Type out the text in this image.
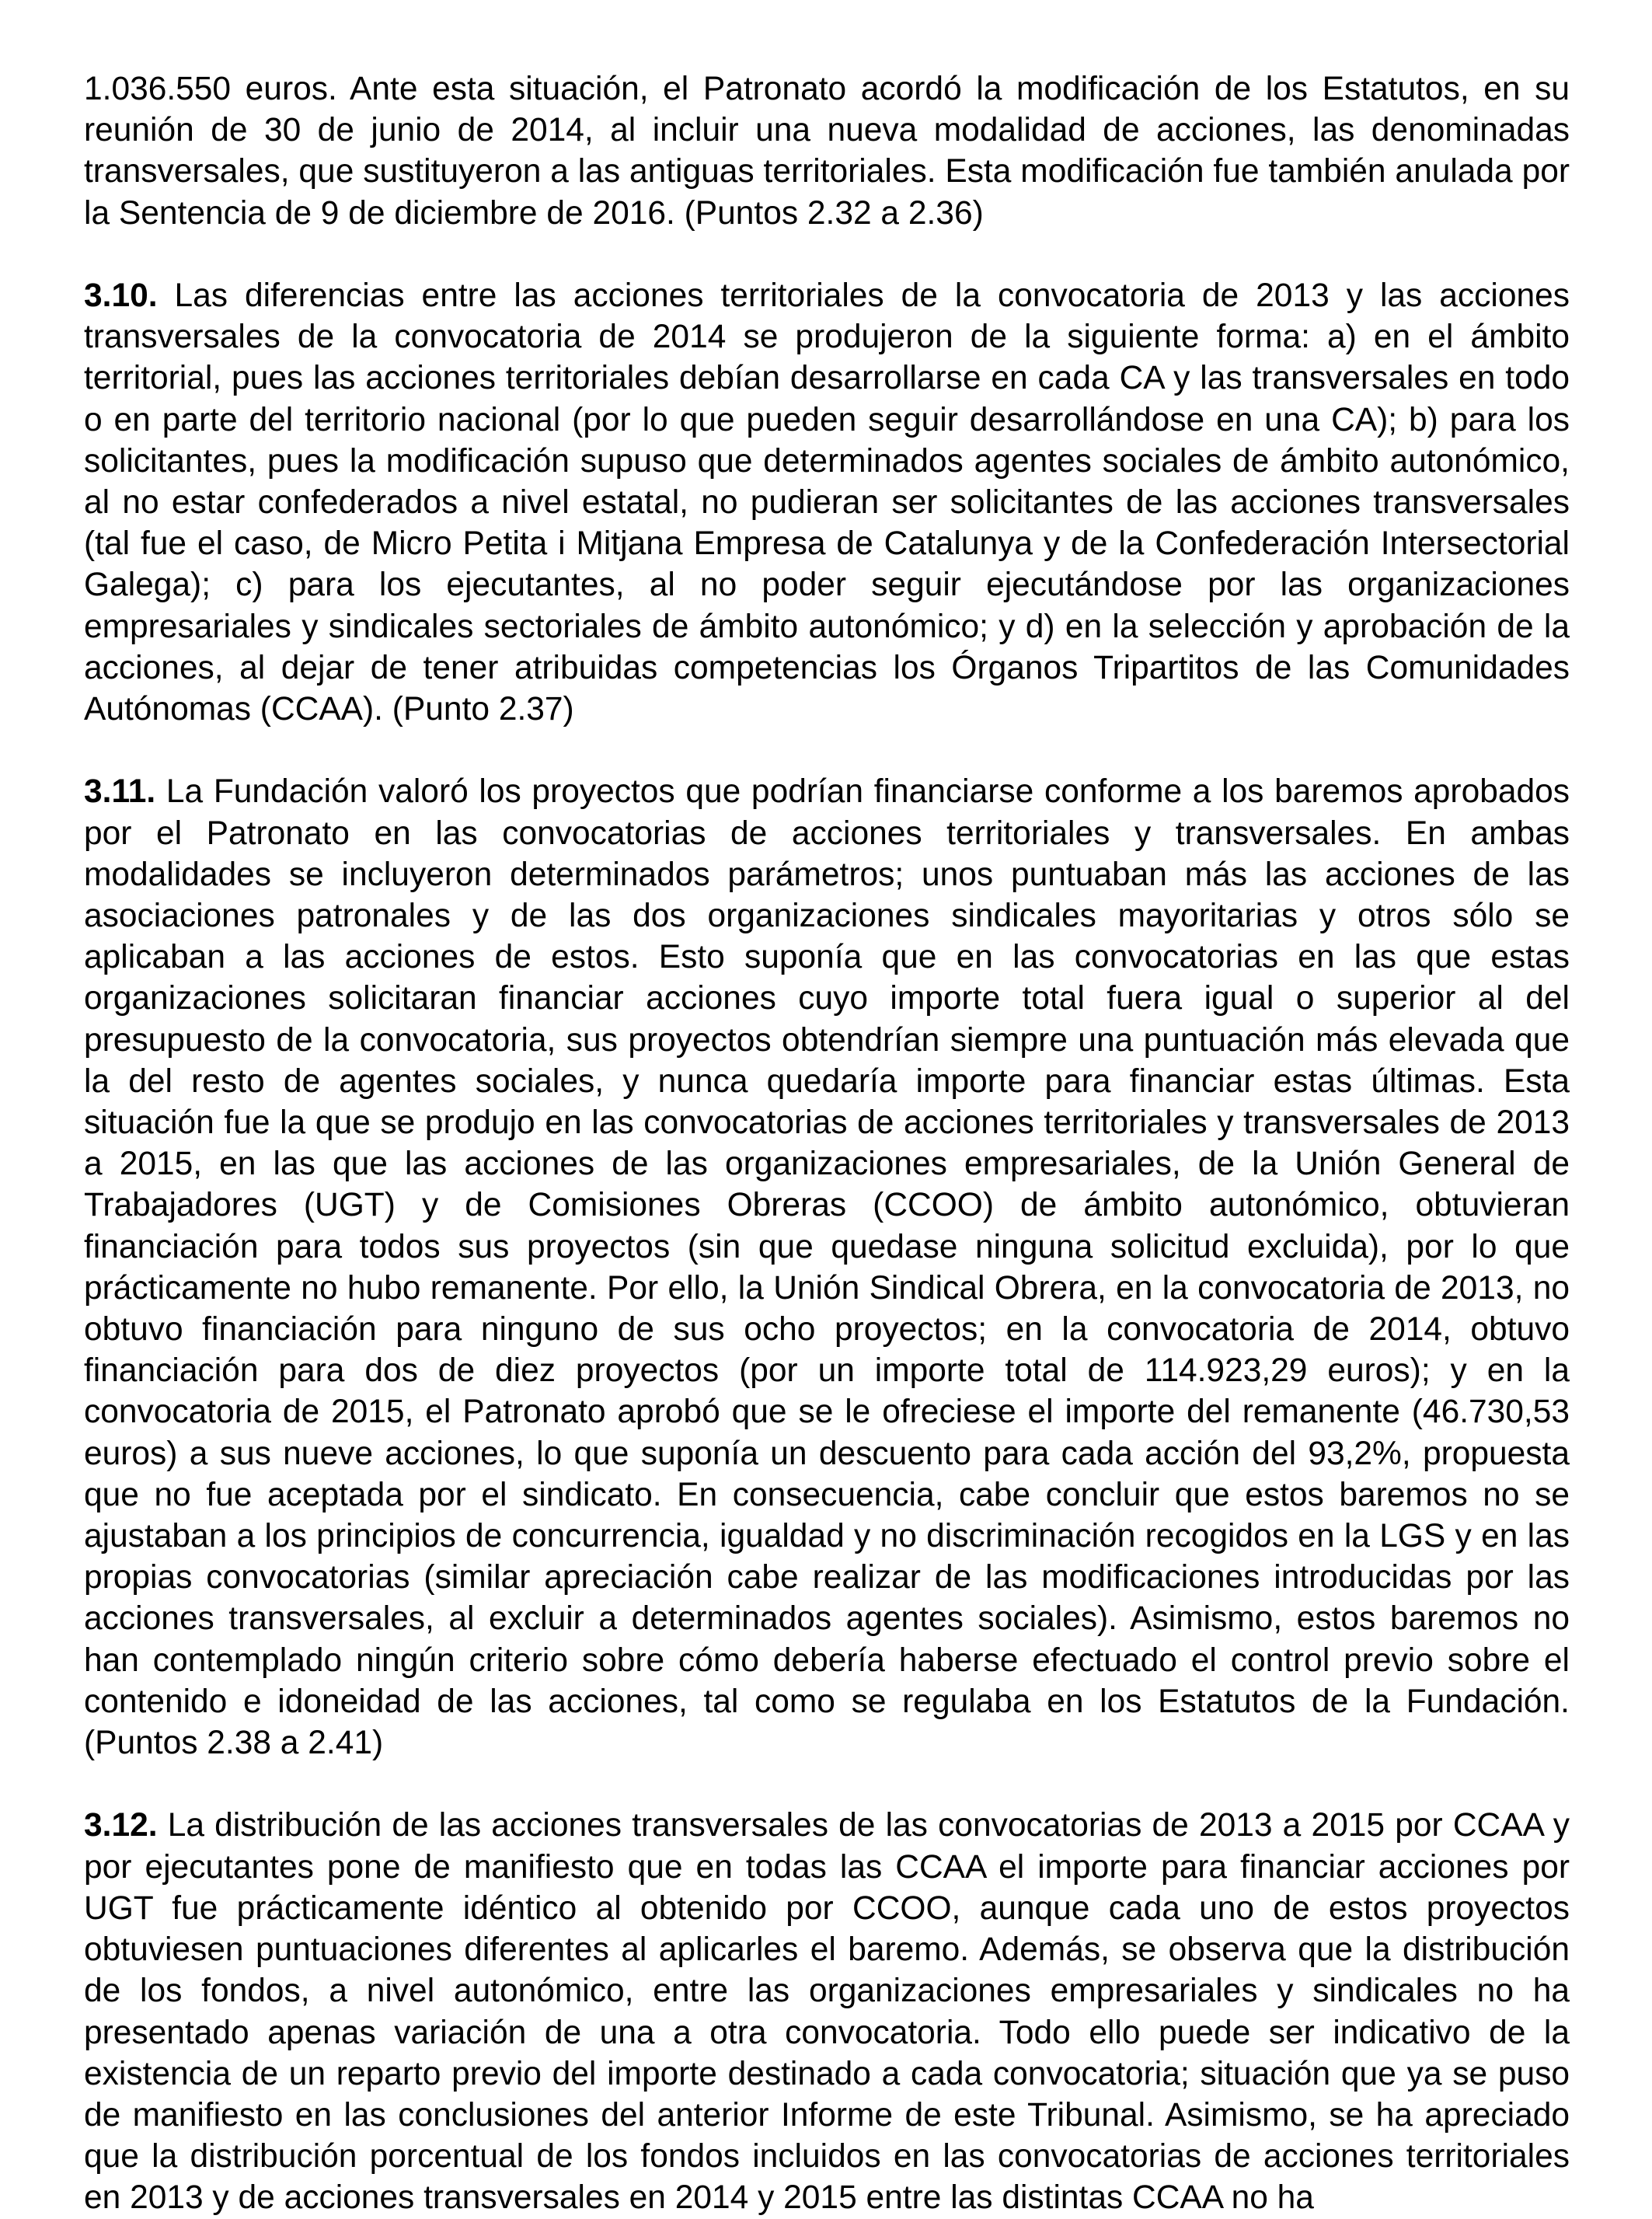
1.036.550 euros. Ante esta situación, el Patronato acordó la modificación de los Estatutos, en su reunión de 30 de junio de 2014, al incluir una nueva modalidad de acciones, las denominadas transversales, que sustituyeron a las antiguas territoriales. Esta modificación fue también anulada por la Sentencia de 9 de diciembre de 2016. (Puntos 2.32 a 2.36)

3.10. Las diferencias entre las acciones territoriales de la convocatoria de 2013 y las acciones transversales de la convocatoria de 2014 se produjeron de la siguiente forma: a) en el ámbito territorial, pues las acciones territoriales debían desarrollarse en cada CA y las transversales en todo o en parte del territorio nacional (por lo que pueden seguir desarrollándose en una CA); b) para los solicitantes, pues la modificación supuso que determinados agentes sociales de ámbito autonómico, al no estar confederados a nivel estatal, no pudieran ser solicitantes de las acciones transversales (tal fue el caso, de Micro Petita i Mitjana Empresa de Catalunya y de la Confederación Intersectorial Galega); c) para los ejecutantes, al no poder seguir ejecutándose por las organizaciones empresariales y sindicales sectoriales de ámbito autonómico; y d) en la selección y aprobación de la acciones, al dejar de tener atribuidas competencias los Órganos Tripartitos de las Comunidades Autónomas (CCAA). (Punto 2.37)

3.11. La Fundación valoró los proyectos que podrían financiarse conforme a los baremos aprobados por el Patronato en las convocatorias de acciones territoriales y transversales. En ambas modalidades se incluyeron determinados parámetros; unos puntuaban más las acciones de las asociaciones patronales y de las dos organizaciones sindicales mayoritarias y otros sólo se aplicaban a las acciones de estos. Esto suponía que en las convocatorias en las que estas organizaciones solicitaran financiar acciones cuyo importe total fuera igual o superior al del presupuesto de la convocatoria, sus proyectos obtendrían siempre una puntuación más elevada que la del resto de agentes sociales, y nunca quedaría importe para financiar estas últimas. Esta situación fue la que se produjo en las convocatorias de acciones territoriales y transversales de 2013 a 2015, en las que las acciones de las organizaciones empresariales, de la Unión General de Trabajadores (UGT) y de Comisiones Obreras (CCOO) de ámbito autonómico, obtuvieran financiación para todos sus proyectos (sin que quedase ninguna solicitud excluida), por lo que prácticamente no hubo remanente. Por ello, la Unión Sindical Obrera, en la convocatoria de 2013, no obtuvo financiación para ninguno de sus ocho proyectos; en la convocatoria de 2014, obtuvo financiación para dos de diez proyectos (por un importe total de 114.923,29 euros); y en la convocatoria de 2015, el Patronato aprobó que se le ofreciese el importe del remanente (46.730,53 euros) a sus nueve acciones, lo que suponía un descuento para cada acción del 93,2%, propuesta que no fue aceptada por el sindicato. En consecuencia, cabe concluir que estos baremos no se ajustaban a los principios de concurrencia, igualdad y no discriminación recogidos en la LGS y en las propias convocatorias (similar apreciación cabe realizar de las modificaciones introducidas por las acciones transversales, al excluir a determinados agentes sociales). Asimismo, estos baremos no han contemplado ningún criterio sobre cómo debería haberse efectuado el control previo sobre el contenido e idoneidad de las acciones, tal como se regulaba en los Estatutos de la Fundación. (Puntos 2.38 a 2.41)

3.12. La distribución de las acciones transversales de las convocatorias de 2013 a 2015 por CCAA y por ejecutantes pone de manifiesto que en todas las CCAA el importe para financiar acciones por UGT fue prácticamente idéntico al obtenido por CCOO, aunque cada uno de estos proyectos obtuviesen puntuaciones diferentes al aplicarles el baremo. Además, se observa que la distribución de los fondos, a nivel autonómico, entre las organizaciones empresariales y sindicales no ha presentado apenas variación de una a otra convocatoria. Todo ello puede ser indicativo de la existencia de un reparto previo del importe destinado a cada convocatoria; situación que ya se puso de manifiesto en las conclusiones del anterior Informe de este Tribunal. Asimismo, se ha apreciado que la distribución porcentual de los fondos incluidos en las convocatorias de acciones territoriales en 2013 y de acciones transversales en 2014 y 2015 entre las distintas CCAA no ha
